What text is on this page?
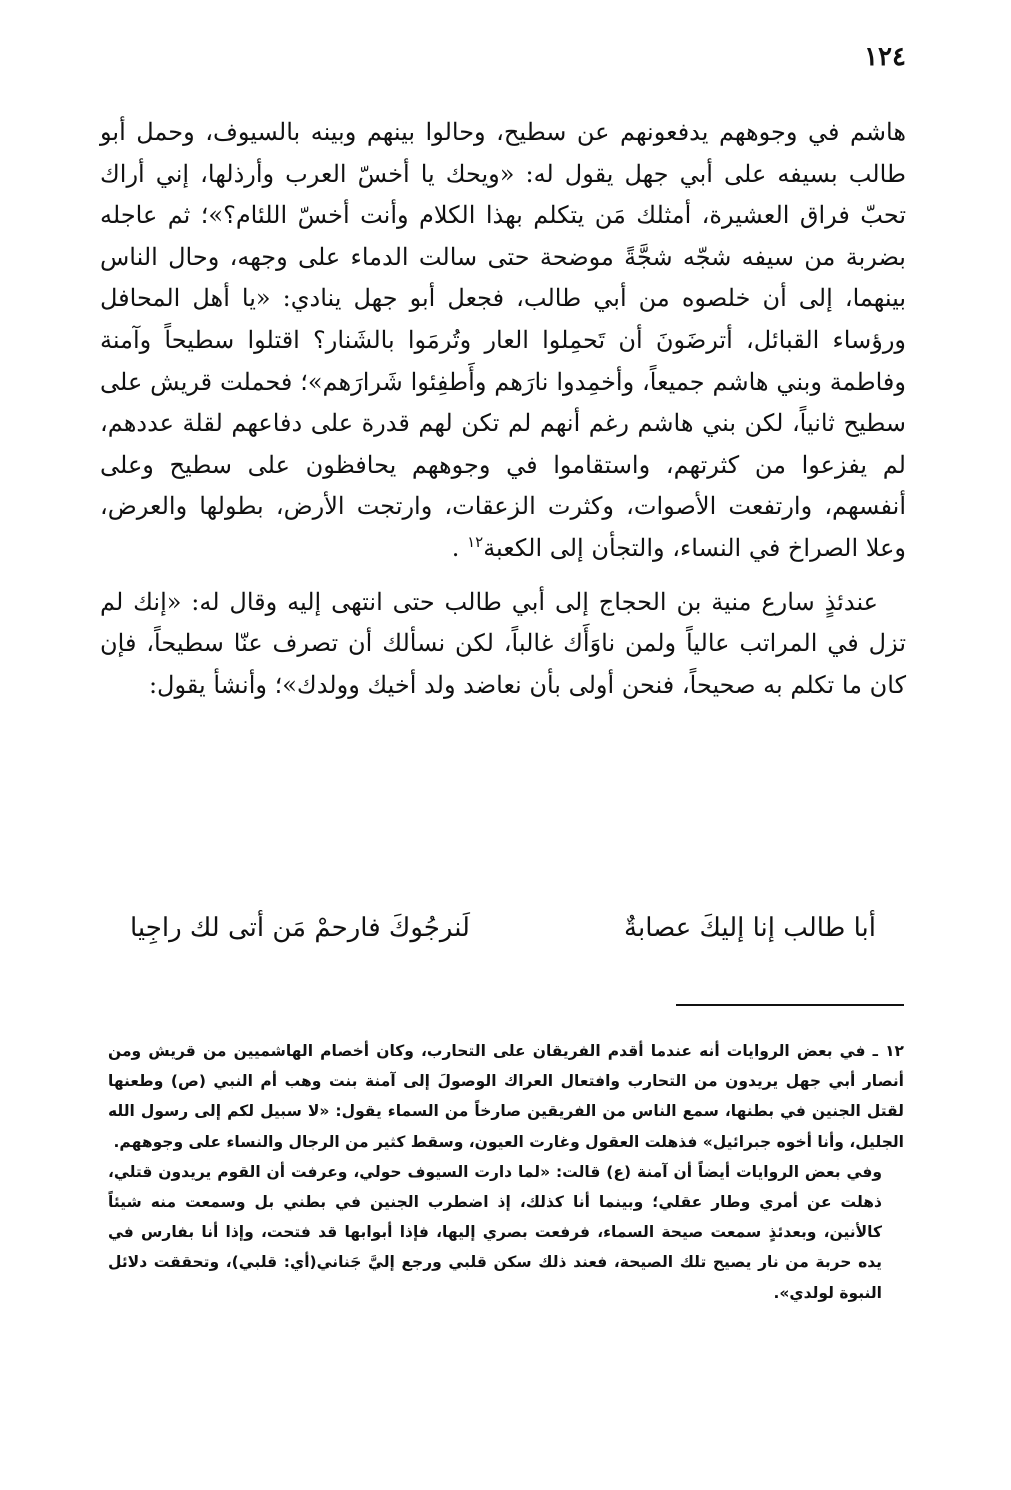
١٢٤

هاشم في وجوههم يدفعونهم عن سطيح، وحالوا بينهم وبينه بالسيوف، وحمل أبو طالب بسيفه على أبي جهل يقول له: «ويحك يا أخسّ العرب وأرذلها، إني أراك تحبّ فراق العشيرة، أمثلك مَن يتكلم بهذا الكلام وأنت أخسّ اللئام؟»؛ ثم عاجله بضربة من سيفه شجّه شجَّةً موضحة حتى سالت الدماء على وجهه، وحال الناس بينهما، إلى أن خلصوه من أبي طالب، فجعل أبو جهل ينادي: «يا أهل المحافل ورؤساء القبائل، أترضَونَ أن تَحمِلوا العار وتُرمَوا بالشَنار؟ اقتلوا سطيحاً وآمنة وفاطمة وبني هاشم جميعاً، وأخمِدوا نارَهم وأَطفِئوا شَرارَهم»؛ فحملت قريش على سطيح ثانياً، لكن بني هاشم رغم أنهم لم تكن لهم قدرة على دفاعهم لقلة عددهم، لم يفزعوا من كثرتهم، واستقاموا في وجوههم يحافظون على سطيح وعلى أنفسهم، وارتفعت الأصوات، وكثرت الزعقات، وارتجت الأرض، بطولها والعرض، وعلا الصراخ في النساء، والتجأن إلى الكعبة$^{١٢}$ .

عندئذٍ سارع منية بن الحجاج إلى أبي طالب حتى انتهى إليه وقال له: «إنك لم تزل في المراتب عالياً ولمن ناوَأَك غالباً، لكن نسألك أن تصرف عنّا سطيحاً، فإن كان ما تكلم به صحيحاً، فنحن أولى بأن نعاضد ولد أخيك وولدك»؛ وأنشأ يقول:

أبا طالب إنا إليكَ عصابةٌ
لَنرجُوكَ فارحمْ مَن أتى لك راجِيا

١٢ ـ في بعض الروايات أنه عندما أقدم الفريقان على التحارب، وكان أخصام الهاشميين من قريش ومن أنصار أبي جهل يريدون من التحارب وافتعال العراك الوصولَ إلى آمنة بنت وهب أم النبي (ص) وطعنها لقتل الجنين في بطنها، سمع الناس من الفريقين صارخاً من السماء يقول: «لا سبيل لكم إلى رسول الله الجليل، وأنا أخوه جبرائيل» فذهلت العقول وغارت العيون، وسقط كثير من الرجال والنساء على وجوههم.

وفي بعض الروايات أيضاً أن آمنة (ع) قالت: «لما دارت السيوف حولي، وعرفت أن القوم يريدون قتلي، ذهلت عن أمري وطار عقلي؛ وبينما أنا كذلك، إذ اضطرب الجنين في بطني بل وسمعت منه شيئاً كالأنين، وبعدئذٍ سمعت صيحة السماء، فرفعت بصري إليها، فإذا أبوابها قد فتحت، وإذا أنا بفارس في يده حربة من نار يصيح تلك الصيحة، فعند ذلك سكن قلبي ورجع إليَّ جَناني(أي: قلبي)، وتحققت دلائل النبوة لولدي».
